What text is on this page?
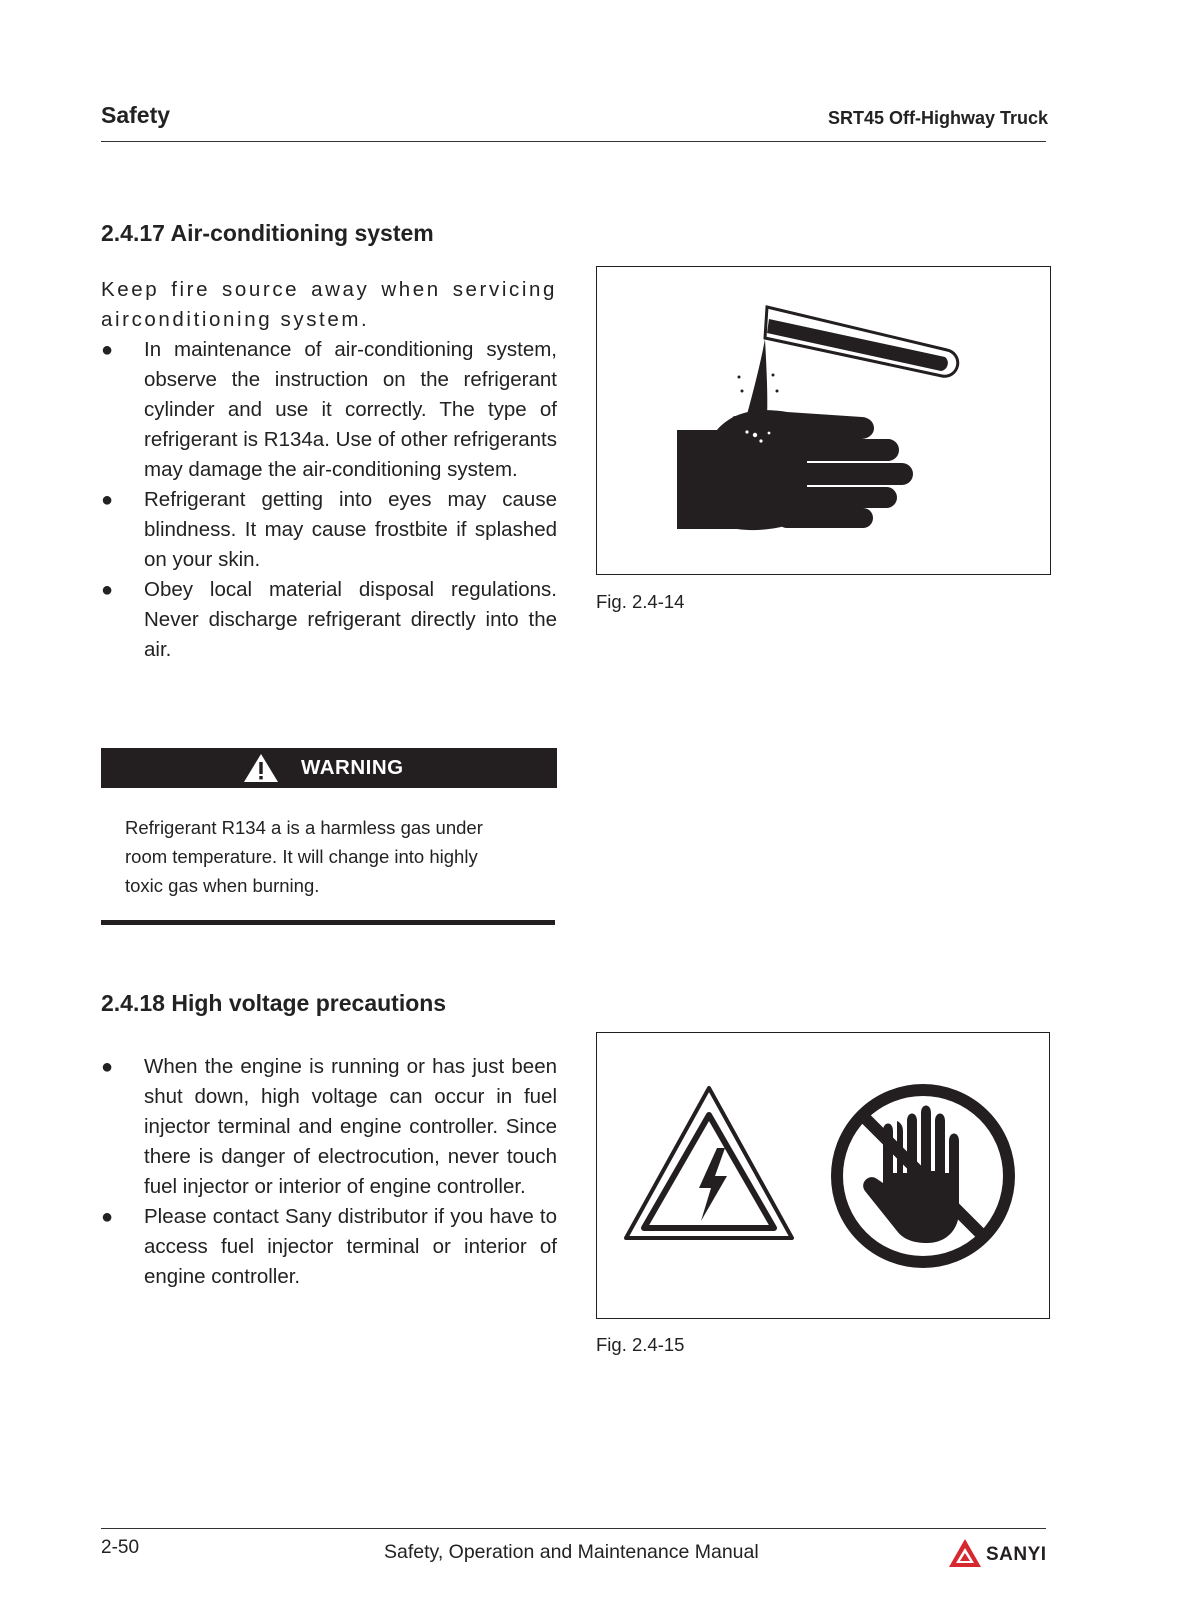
Safety	SRT45 Off-Highway Truck
2.4.17 Air-conditioning system
Keep fire source away when servicing airconditioning system.
● In maintenance of air-conditioning system, observe the instruction on the refrigerant cylinder and use it correctly. The type of refrigerant is R134a. Use of other refrigerants may damage the air-conditioning system.
● Refrigerant getting into eyes may cause blindness. It may cause frostbite if splashed on your skin.
● Obey local material disposal regulations. Never discharge refrigerant directly into the air.
WARNING
Refrigerant R134 a is a harmless gas under room temperature. It will change into highly toxic gas when burning.
Fig. 2.4-14
2.4.18 High voltage precautions
● When the engine is running or has just been shut down, high voltage can occur in fuel injector terminal and engine controller. Since there is danger of electrocution, never touch fuel injector or interior of engine controller.
● Please contact Sany distributor if you have to access fuel injector terminal or interior of engine controller.
Fig. 2.4-15
2-50	Safety, Operation and Maintenance Manual	SANYI
